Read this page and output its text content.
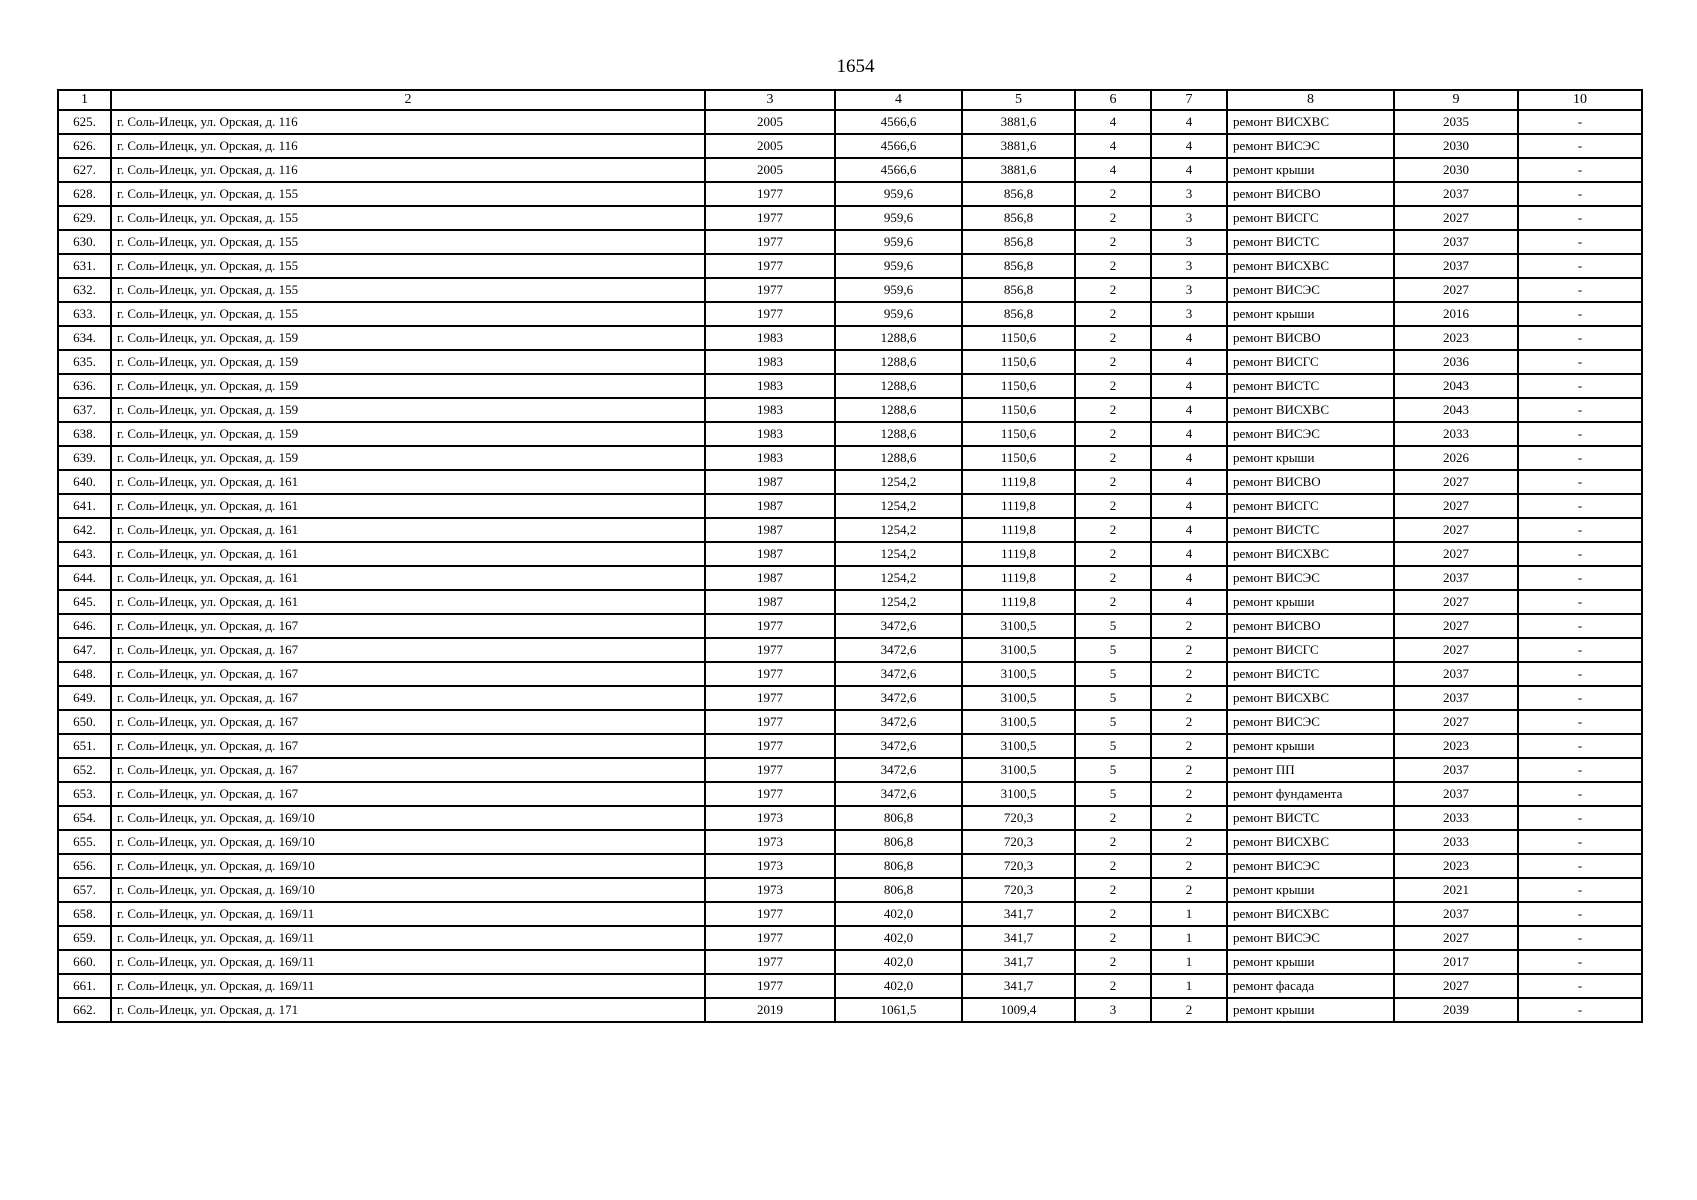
1654
1	2	3	4	5	6	7	8	9	10
625.	г. Соль-Илецк, ул. Орская, д. 116	2005	4566,6	3881,6	4	4	ремонт ВИСХВС	2035	-
626.	г. Соль-Илецк, ул. Орская, д. 116	2005	4566,6	3881,6	4	4	ремонт ВИСЭС	2030	-
627.	г. Соль-Илецк, ул. Орская, д. 116	2005	4566,6	3881,6	4	4	ремонт крыши	2030	-
628.	г. Соль-Илецк, ул. Орская, д. 155	1977	959,6	856,8	2	3	ремонт ВИСВО	2037	-
629.	г. Соль-Илецк, ул. Орская, д. 155	1977	959,6	856,8	2	3	ремонт ВИСГС	2027	-
630.	г. Соль-Илецк, ул. Орская, д. 155	1977	959,6	856,8	2	3	ремонт ВИСТС	2037	-
631.	г. Соль-Илецк, ул. Орская, д. 155	1977	959,6	856,8	2	3	ремонт ВИСХВС	2037	-
632.	г. Соль-Илецк, ул. Орская, д. 155	1977	959,6	856,8	2	3	ремонт ВИСЭС	2027	-
633.	г. Соль-Илецк, ул. Орская, д. 155	1977	959,6	856,8	2	3	ремонт крыши	2016	-
634.	г. Соль-Илецк, ул. Орская, д. 159	1983	1288,6	1150,6	2	4	ремонт ВИСВО	2023	-
635.	г. Соль-Илецк, ул. Орская, д. 159	1983	1288,6	1150,6	2	4	ремонт ВИСГС	2036	-
636.	г. Соль-Илецк, ул. Орская, д. 159	1983	1288,6	1150,6	2	4	ремонт ВИСТС	2043	-
637.	г. Соль-Илецк, ул. Орская, д. 159	1983	1288,6	1150,6	2	4	ремонт ВИСХВС	2043	-
638.	г. Соль-Илецк, ул. Орская, д. 159	1983	1288,6	1150,6	2	4	ремонт ВИСЭС	2033	-
639.	г. Соль-Илецк, ул. Орская, д. 159	1983	1288,6	1150,6	2	4	ремонт крыши	2026	-
640.	г. Соль-Илецк, ул. Орская, д. 161	1987	1254,2	1119,8	2	4	ремонт ВИСВО	2027	-
641.	г. Соль-Илецк, ул. Орская, д. 161	1987	1254,2	1119,8	2	4	ремонт ВИСГС	2027	-
642.	г. Соль-Илецк, ул. Орская, д. 161	1987	1254,2	1119,8	2	4	ремонт ВИСТС	2027	-
643.	г. Соль-Илецк, ул. Орская, д. 161	1987	1254,2	1119,8	2	4	ремонт ВИСХВС	2027	-
644.	г. Соль-Илецк, ул. Орская, д. 161	1987	1254,2	1119,8	2	4	ремонт ВИСЭС	2037	-
645.	г. Соль-Илецк, ул. Орская, д. 161	1987	1254,2	1119,8	2	4	ремонт крыши	2027	-
646.	г. Соль-Илецк, ул. Орская, д. 167	1977	3472,6	3100,5	5	2	ремонт ВИСВО	2027	-
647.	г. Соль-Илецк, ул. Орская, д. 167	1977	3472,6	3100,5	5	2	ремонт ВИСГС	2027	-
648.	г. Соль-Илецк, ул. Орская, д. 167	1977	3472,6	3100,5	5	2	ремонт ВИСТС	2037	-
649.	г. Соль-Илецк, ул. Орская, д. 167	1977	3472,6	3100,5	5	2	ремонт ВИСХВС	2037	-
650.	г. Соль-Илецк, ул. Орская, д. 167	1977	3472,6	3100,5	5	2	ремонт ВИСЭС	2027	-
651.	г. Соль-Илецк, ул. Орская, д. 167	1977	3472,6	3100,5	5	2	ремонт крыши	2023	-
652.	г. Соль-Илецк, ул. Орская, д. 167	1977	3472,6	3100,5	5	2	ремонт ПП	2037	-
653.	г. Соль-Илецк, ул. Орская, д. 167	1977	3472,6	3100,5	5	2	ремонт фундамента	2037	-
654.	г. Соль-Илецк, ул. Орская, д. 169/10	1973	806,8	720,3	2	2	ремонт ВИСТС	2033	-
655.	г. Соль-Илецк, ул. Орская, д. 169/10	1973	806,8	720,3	2	2	ремонт ВИСХВС	2033	-
656.	г. Соль-Илецк, ул. Орская, д. 169/10	1973	806,8	720,3	2	2	ремонт ВИСЭС	2023	-
657.	г. Соль-Илецк, ул. Орская, д. 169/10	1973	806,8	720,3	2	2	ремонт крыши	2021	-
658.	г. Соль-Илецк, ул. Орская, д. 169/11	1977	402,0	341,7	2	1	ремонт ВИСХВС	2037	-
659.	г. Соль-Илецк, ул. Орская, д. 169/11	1977	402,0	341,7	2	1	ремонт ВИСЭС	2027	-
660.	г. Соль-Илецк, ул. Орская, д. 169/11	1977	402,0	341,7	2	1	ремонт крыши	2017	-
661.	г. Соль-Илецк, ул. Орская, д. 169/11	1977	402,0	341,7	2	1	ремонт фасада	2027	-
662.	г. Соль-Илецк, ул. Орская, д. 171	2019	1061,5	1009,4	3	2	ремонт крыши	2039	-
